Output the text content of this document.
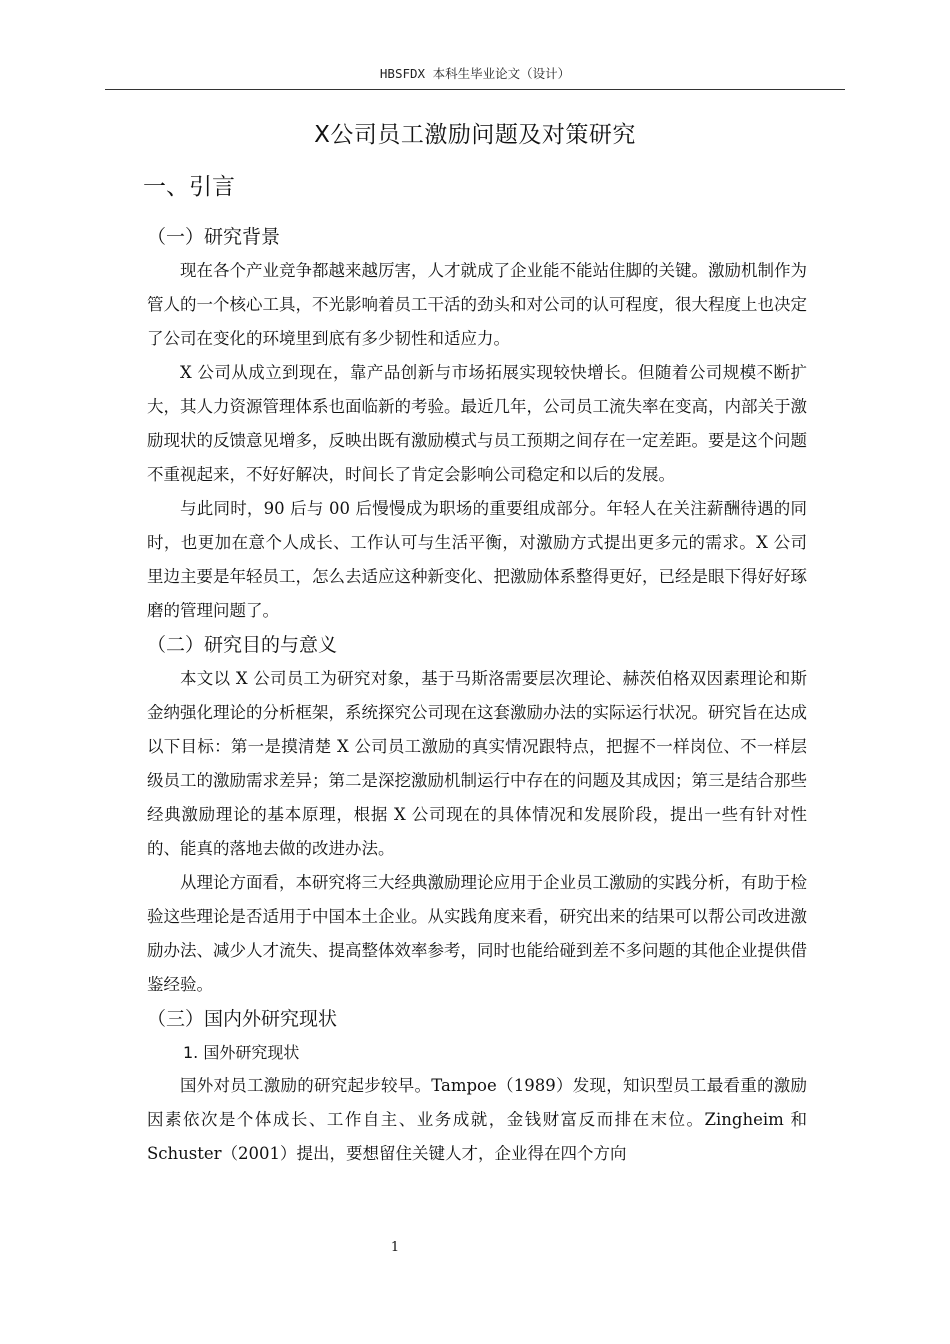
HBSFDX 本科生毕业论文（设计）
X公司员工激励问题及对策研究
一、引言
（一）研究背景

现在各个产业竞争都越来越厉害，人才就成了企业能不能站住脚的关键。激励机制作为管人的一个核心工具，不光影响着员工干活的劲头和对公司的认可程度，很大程度上也决定了公司在变化的环境里到底有多少韧性和适应力。

X 公司从成立到现在，靠产品创新与市场拓展实现较快增长。但随着公司规模不断扩大，其人力资源管理体系也面临新的考验。最近几年，公司员工流失率在变高，内部关于激励现状的反馈意见增多，反映出既有激励模式与员工预期之间存在一定差距。要是这个问题不重视起来，不好好解决，时间长了肯定会影响公司稳定和以后的发展。

与此同时，90 后与 00 后慢慢成为职场的重要组成部分。年轻人在关注薪酬待遇的同时，也更加在意个人成长、工作认可与生活平衡，对激励方式提出更多元的需求。X 公司里边主要是年轻员工，怎么去适应这种新变化、把激励体系整得更好，已经是眼下得好好琢磨的管理问题了。

（二）研究目的与意义

本文以 X 公司员工为研究对象，基于马斯洛需要层次理论、赫茨伯格双因素理论和斯金纳强化理论的分析框架，系统探究公司现在这套激励办法的实际运行状况。研究旨在达成以下目标：第一是摸清楚 X 公司员工激励的真实情况跟特点，把握不一样岗位、不一样层级员工的激励需求差异；第二是深挖激励机制运行中存在的问题及其成因；第三是结合那些经典激励理论的基本原理，根据 X 公司现在的具体情况和发展阶段，提出一些有针对性的、能真的落地去做的改进办法。

从理论方面看，本研究将三大经典激励理论应用于企业员工激励的实践分析，有助于检验这些理论是否适用于中国本土企业。从实践角度来看，研究出来的结果可以帮公司改进激励办法、减少人才流失、提高整体效率参考，同时也能给碰到差不多问题的其他企业提供借鉴经验。

（三）国内外研究现状
1. 国外研究现状

国外对员工激励的研究起步较早。Tampoe（1989）发现，知识型员工最看重的激励因素依次是个体成长、工作自主、业务成就，金钱财富反而排在末位。Zingheim 和 Schuster（2001）提出，要想留住关键人才，企业得在四个方向

1
